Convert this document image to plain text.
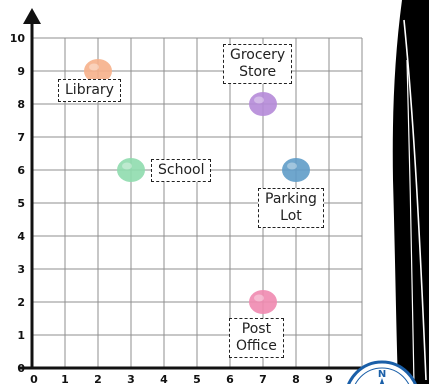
0
1
2
3
4
5
6
7
8
9
10
0 1 2 3 4 5 6 7 8 9	N
Library
School
Grocery
Store
Parking
Lot
Post
Office
